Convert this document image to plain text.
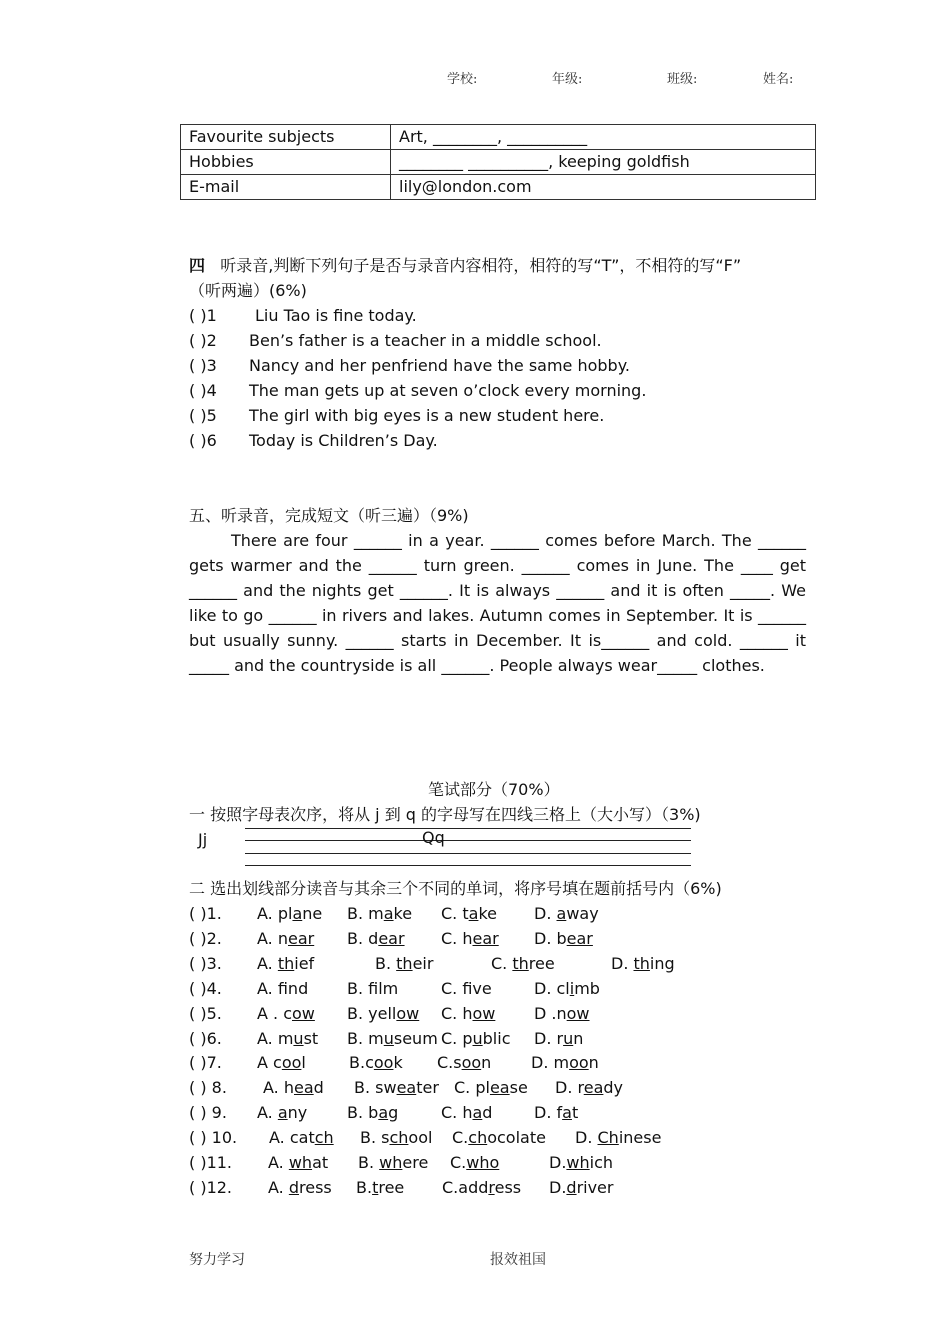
学校:	年级:	班级:	姓名:
Favourite subjects	Art, ________, __________
Hobbies	________ __________, keeping goldfish
E-mail	lily@london.com
四 听录音,判断下列句子是否与录音内容相符，相符的写“T”，不相符的写“F”
（听两遍）(6%)
( )1 Liu Tao is fine today.
( )2 Ben’s father is a teacher in a middle school.
( )3 Nancy and her penfriend have the same hobby.
( )4 The man gets up at seven o’clock every morning.
( )5 The girl with big eyes is a new student here.
( )6 Today is Children’s Day.
五、听录音，完成短文（听三遍）（9%)
There are four ______ in a year. ______ comes before March. The ______ gets warmer and the ______ turn green. ______ comes in June. The ____ get ______ and the nights get ______. It is always ______ and it is often _____. We like to go ______ in rivers and lakes. Autumn comes in September. It is ______ but usually sunny. ______ starts in December. It is______ and cold. ______ it _____ and the countryside is all ______. People always wear_____ clothes.
笔试部分（70%）
一 按照字母表次序，将从 j 到 q 的字母写在四线三格上（大小写）（3%)
Jj	Qq
二 选出划线部分读音与其余三个不同的单词，将序号填在题前括号内（6%)
( )1. A. plane B. make C. take D. away
( )2. A. near B. dear C. hear D. bear
( )3. A. thief	B. their	C. three	D. thing
( )4. A. fnd B. flm	C. fve	D. climb
( )5. A . cow B. yellow C. how D .now
( )6. A. must B. museum C. public D. run
( )7. A cool	B.cook C.soon D. moon
( ) 8. A. head B. sweater C. please D. ready
( ) 9. A. any B. bag	C. had	D. fat
( ) 10. A. catch B. school C.chocolate D. Chinese
( )11. A. what B. where C.who	D.which
( )12. A. dress B.tree C.address D.driver
努力学习	报效祖国
